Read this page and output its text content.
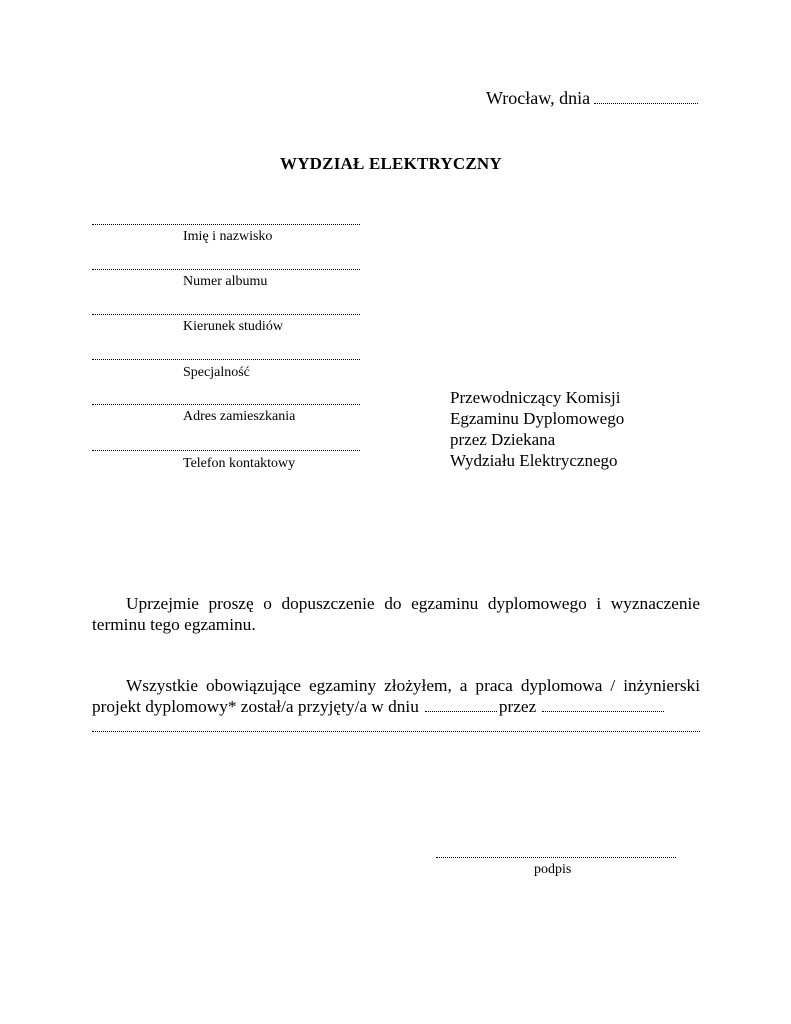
Wrocław, dnia
WYDZIAŁ ELEKTRYCZNY
Imię i nazwisko
Numer albumu
Kierunek studiów
Specjalność
Adres zamieszkania
Telefon kontaktowy
Przewodniczący Komisji
Egzaminu Dyplomowego
przez Dziekana
Wydziału Elektrycznego
Uprzejmie proszę o dopuszczenie do egzaminu dyplomowego i wyznaczenie
terminu tego egzaminu.
Wszystkie obowiązujące egzaminy złożyłem, a praca dyplomowa / inżynierski
projekt dyplomowy* został/a przyjęty/a w dniu	przez
podpis
